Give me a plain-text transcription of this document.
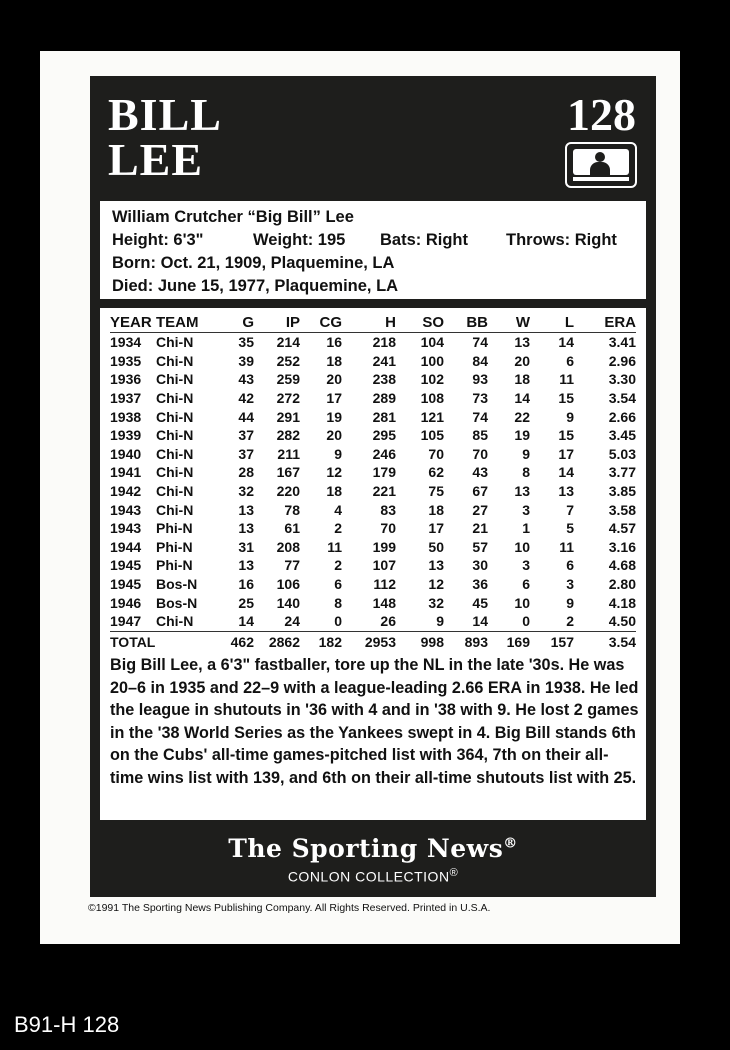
BILL
LEE
128
William Crutcher “Big Bill” Lee
Height: 6'3"	Weight: 195 Bats: Right Throws: Right
Born: Oct. 21, 1909, Plaquemine, LA
Died: June 15, 1977, Plaquemine, LA
YEAR	TEAM	G	IP	CG	H	SO	BB	W	L	ERA
1934	Chi-N	35	214	16	218	104	74	13	14	3.41
1935	Chi-N	39	252	18	241	100	84	20	6	2.96
1936	Chi-N	43	259	20	238	102	93	18	11	3.30
1937	Chi-N	42	272	17	289	108	73	14	15	3.54
1938	Chi-N	44	291	19	281	121	74	22	9	2.66
1939	Chi-N	37	282	20	295	105	85	19	15	3.45
1940	Chi-N	37	211	9	246	70	70	9	17	5.03
1941	Chi-N	28	167	12	179	62	43	8	14	3.77
1942	Chi-N	32	220	18	221	75	67	13	13	3.85
1943	Chi-N	13	78	4	83	18	27	3	7	3.58
1943	Phi-N	13	61	2	70	17	21	1	5	4.57
1944	Phi-N	31	208	11	199	50	57	10	11	3.16
1945	Phi-N	13	77	2	107	13	30	3	6	4.68
1945	Bos-N	16	106	6	112	12	36	6	3	2.80
1946	Bos-N	25	140	8	148	32	45	10	9	4.18
1947	Chi-N	14	24	0	26	9	14	0	2	4.50
TOTAL		462	2862	182	2953	998	893	169	157	3.54
Big Bill Lee, a 6'3" fastballer, tore up the NL in the late '30s. He was 20–6 in 1935 and 22–9 with a league-leading 2.66 ERA in 1938. He led the league in shutouts in '36 with 4 and in '38 with 9. He lost 2 games in the '38 World Series as the Yankees swept in 4. Big Bill stands 6th on the Cubs' all-time games-pitched list with 364, 7th on their all-time wins list with 139, and 6th on their all-time shutouts list with 25.
The Sporting News®
CONLON COLLECTION®
©1991 The Sporting News Publishing Company. All Rights Reserved. Printed in U.S.A.
B91-H 128
